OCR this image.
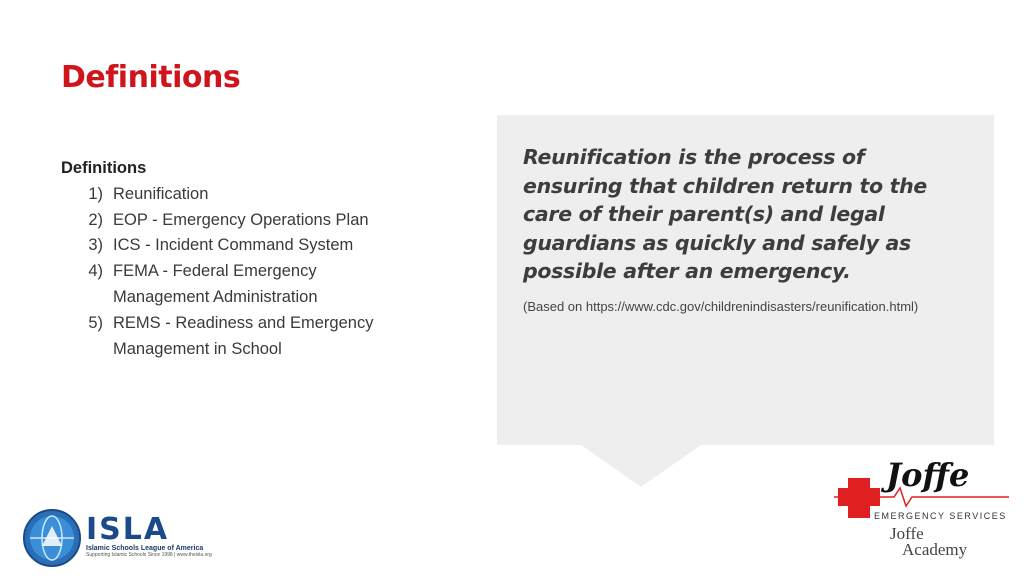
Definitions
Definitions
1) Reunification
2) EOP - Emergency Operations Plan
3) ICS - Incident Command System
4) FEMA - Federal Emergency
Management Administration
5) REMS - Readiness and Emergency
Management in School
Reunification is the process of ensuring that children return to the care of their parent(s) and legal guardians as quickly and safely as possible after an emergency.
(Based on https://www.cdc.gov/childrenindisasters/reunification.html)
ISLA
Islamic Schools League of America
Supporting Islamic Schools Since 1998 | www.theisla.org
Joffe
EMERGENCY SERVICES
Joffe
Academy
